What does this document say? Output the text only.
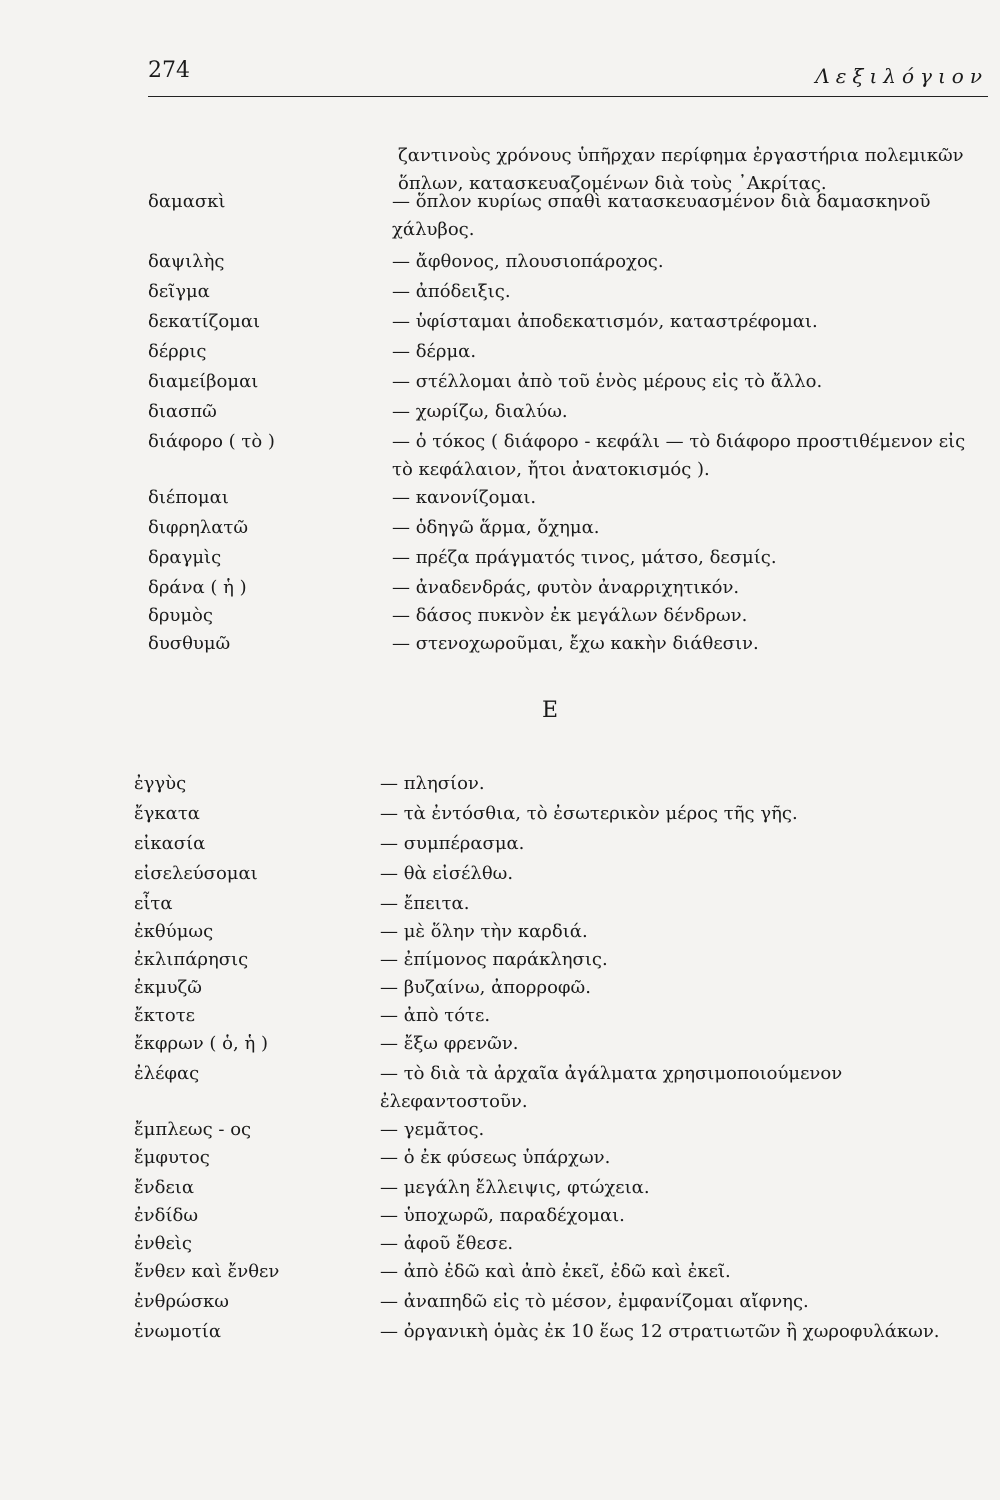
274	Λεξιλόγιον
ζαντινοὺς χρόνους ὑπῆρχαν περίφημα ἐργαστήρια πολεμικῶν ὅπλων, κατασκευαζομένων διὰ τοὺς ᾿Ακρίτας.
δαμασκὶ	— ὅπλον κυρίως σπαθὶ κατασκευασμένον διὰ δαμασκηνοῦ χάλυβος.
δαψιλὴς	— ἄφθονος, πλουσιοπάροχος.
δεῖγμα	— ἀπόδειξις.
δεκατίζομαι	— ὑφίσταμαι ἀποδεκατισμόν, καταστρέφομαι.
δέρρις	— δέρμα.
διαμείβομαι	— στέλλομαι ἀπὸ τοῦ ἑνὸς μέρους εἰς τὸ ἄλλο.
διασπῶ	— χωρίζω, διαλύω.
διάφορο ( τὸ )	— ὁ τόκος ( διάφορο - κεφάλι — τὸ διάφορο προστιθέμενον εἰς τὸ κεφάλαιον, ἤτοι ἀνατοκισμός ).
διέπομαι	— κανονίζομαι.
διφρηλατῶ	— ὁδηγῶ ἅρμα, ὄχημα.
δραγμὶς	— πρέζα πράγματός τινος, μάτσο, δεσμίς.
δράνα ( ἡ )	— ἀναδενδράς, φυτὸν ἀναρριχητικόν.
δρυμὸς	— δάσος πυκνὸν ἐκ μεγάλων δένδρων.
δυσθυμῶ	— στενοχωροῦμαι, ἔχω κακὴν διάθεσιν.
Ε
ἐγγὺς	— πλησίον.
ἔγκατα	— τὰ ἐντόσθια, τὸ ἐσωτερικὸν μέρος τῆς γῆς.
εἰκασία	— συμπέρασμα.
εἰσελεύσομαι	— θὰ εἰσέλθω.
εἶτα	— ἔπειτα.
ἐκθύμως	— μὲ ὅλην τὴν καρδιά.
ἐκλιπάρησις	— ἐπίμονος παράκλησις.
ἐκμυζῶ	— βυζαίνω, ἀπορροφῶ.
ἔκτοτε	— ἀπὸ τότε.
ἔκφρων ( ὁ, ἡ )	— ἔξω φρενῶν.
ἐλέφας	— τὸ διὰ τὰ ἀρχαῖα ἀγάλματα χρησιμοποιούμενον ἐλεφαντοστοῦν.
ἔμπλεως - ος	— γεμᾶτος.
ἔμφυτος	— ὁ ἐκ φύσεως ὑπάρχων.
ἔνδεια	— μεγάλη ἔλλειψις, φτώχεια.
ἐνδίδω	— ὑποχωρῶ, παραδέχομαι.
ἐνθεὶς	— ἀφοῦ ἔθεσε.
ἔνθεν καὶ ἔνθεν	— ἀπὸ ἐδῶ καὶ ἀπὸ ἐκεῖ, ἐδῶ καὶ ἐκεῖ.
ἐνθρώσκω	— ἀναπηδῶ εἰς τὸ μέσον, ἐμφανίζομαι αἴφνης.
ἐνωμοτία	— ὀργανικὴ ὁμὰς ἐκ 10 ἕως 12 στρατιωτῶν ἢ χωροφυλάκων.
